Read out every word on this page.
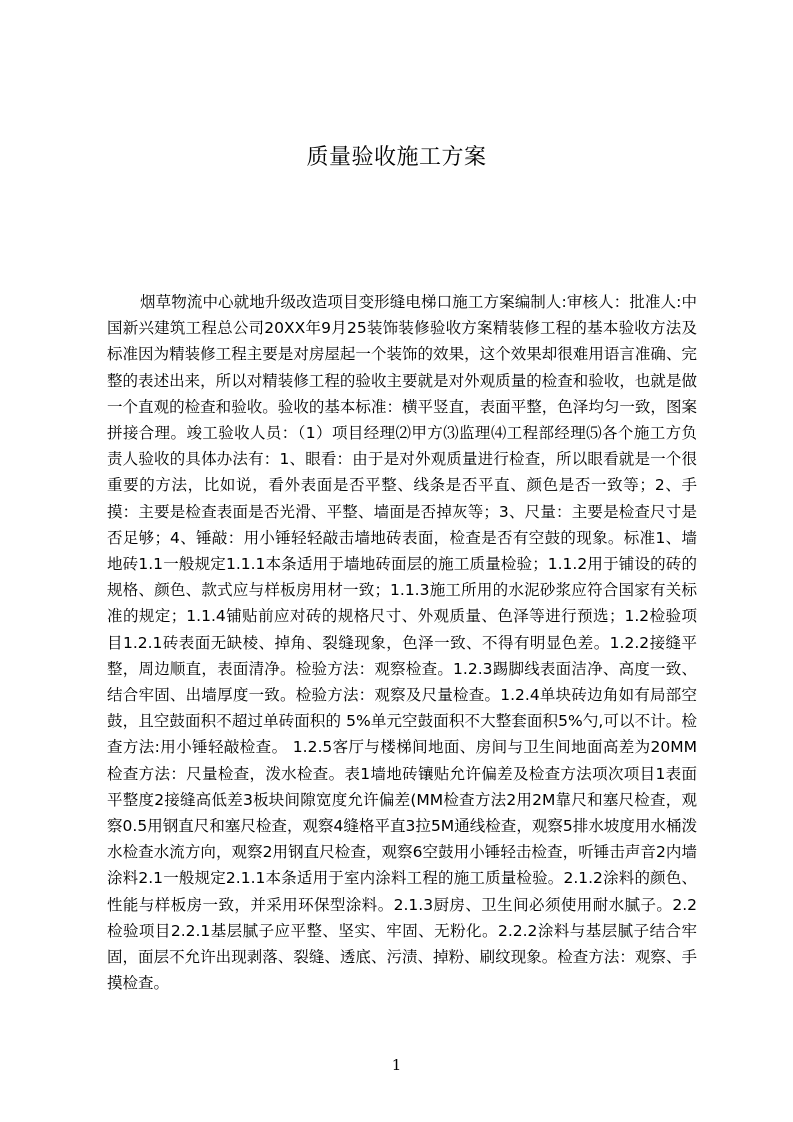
质量验收施工方案

烟草物流中心就地升级改造项目变形缝电梯口施工方案编制人:审核人：批准人:中国新兴建筑工程总公司20XX年9月25装饰装修验收方案精装修工程的基本验收方法及标准因为精装修工程主要是对房屋起一个装饰的效果，这个效果却很难用语言准确、完整的表述出来，所以对精装修工程的验收主要就是对外观质量的检查和验收，也就是做一个直观的检查和验收。验收的基本标准：横平竖直，表面平整，色泽均匀一致，图案拼接合理。竣工验收人员：（1）项目经理⑵甲方⑶监理⑷工程部经理⑸各个施工方负责人验收的具体办法有：1、眼看：由于是对外观质量进行检查，所以眼看就是一个很重要的方法，比如说，看外表面是否平整、线条是否平直、颜色是否一致等；2、手摸：主要是检查表面是否光滑、平整、墙面是否掉灰等；3、尺量：主要是检查尺寸是否足够；4、锤敲：用小锤轻轻敲击墙地砖表面，检查是否有空鼓的现象。标准1、墙地砖1.1一般规定1.1.1本条适用于墙地砖面层的施工质量检验；1.1.2用于铺设的砖的规格、颜色、款式应与样板房用材一致；1.1.3施工所用的水泥砂浆应符合国家有关标准的规定；1.1.4铺贴前应对砖的规格尺寸、外观质量、色泽等进行预选；1.2检验项目1.2.1砖表面无缺棱、掉角、裂缝现象，色泽一致、不得有明显色差。1.2.2接缝平整，周边顺直，表面清净。检验方法：观察检查。1.2.3踢脚线表面洁净、高度一致、结合牢固、出墙厚度一致。检验方法：观察及尺量检查。1.2.4单块砖边角如有局部空鼓，且空鼓面积不超过单砖面积的 5%单元空鼓面积不大整套面积5%勺,可以不计。检查方法:用小锤轻敲检查。 1.2.5客厅与楼梯间地面、房间与卫生间地面高差为20MM检查方法：尺量检查，泼水检查。表1墙地砖镶贴允许偏差及检查方法项次项目1表面平整度2接缝高低差3板块间隙宽度允许偏差(MM检查方法2用2M靠尺和塞尺检查，观察0.5用钢直尺和塞尺检查，观察4缝格平直3拉5M通线检查，观察5排水坡度用水桶泼水检查水流方向，观察2用钢直尺检查，观察6空鼓用小锤轻击检查，听锤击声音2内墙涂料2.1一般规定2.1.1本条适用于室内涂料工程的施工质量检验。2.1.2涂料的颜色、性能与样板房一致，并采用环保型涂料。2.1.3厨房、卫生间必须使用耐水腻子。2.2检验项目2.2.1基层腻子应平整、坚实、牢固、无粉化。2.2.2涂料与基层腻子结合牢固，面层不允许出现剥落、裂缝、透底、污渍、掉粉、刷纹现象。检查方法：观察、手摸检查。

1
